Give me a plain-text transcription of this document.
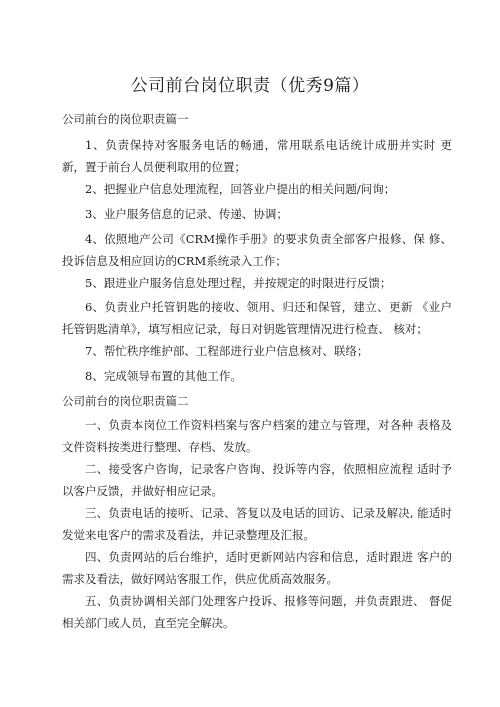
公司前台岗位职责（优秀9篇）
公司前台的岗位职责篇一
1、负责保持对客服务电话的畅通，常用联系电话统计成册并实时 更新，置于前台人员便利取用的位置；
2、把握业户信息处理流程，回答业户提出的相关问题/问询；
3、业户服务信息的记录、传递、协调；
4、依照地产公司《CRM操作手册》的要求负责全部客户报修、保 修、投诉信息及相应回访的CRM系统录入工作；
5、跟进业户服务信息处理过程，并按规定的时限进行反馈；
6、负责业户托管钥匙的接收、领用、归还和保管，建立、更新 《业户托管钥匙清单》，填写相应记录，每日对钥匙管理情况进行检查、 核对；
7、帮忙秩序维护部、工程部进行业户信息核对、联络；
8、完成领导布置的其他工作。
公司前台的岗位职责篇二
一、负责本岗位工作资料档案与客户档案的建立与管理，对各种 表格及文件资料按类进行整理、存档、发放。
二、接受客户咨询，记录客户咨询、投诉等内容，依照相应流程 适时予以客户反馈，并做好相应记录。
三、负责电话的接听、记录、答复以及电话的回访、记录及解决, 能适时发觉来电客户的需求及看法，并记录整理及汇报。
四、负责网站的后台维护，适时更新网站内容和信息，适时跟进 客户的需求及看法，做好网站客服工作，供应优质高效服务。
五、负责协调相关部门处理客户投诉、报修等问题，并负责跟进、 督促相关部门或人员，直至完全解决。
